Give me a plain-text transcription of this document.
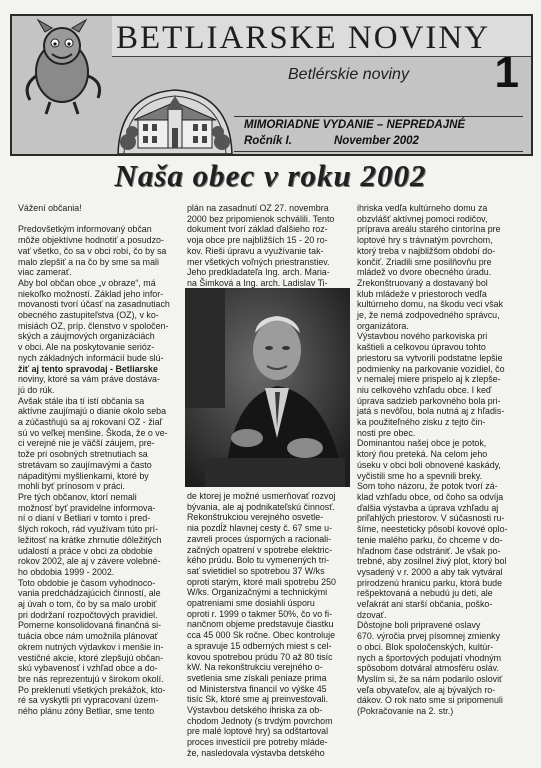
BETLIARSKE NOVINY
Betlérskie noviny 1
MIMORIADNE VYDANIE – NEPREDAJNÉ
Ročník I.	November 2002
Naša obec v roku 2002

Vážení občania!

Predovšetkým informovaný občan

môže objektívne hodnotiť a posudzo-

vať všetko, čo sa v obci robí, čo by sa

malo zlepšiť a na čo by sme sa mali

viac zamerať.

Aby bol občan obce „v obraze“, má

niekoľko možností. Základ jeho infor-

movanosti tvorí účasť na zasadnutiach

obecného zastupiteľstva (OZ), v ko-

misiách OZ, príp. členstvo v spoločen-

ských a záujmových organizáciách

v obci. Ale na poskytovanie serióz-

nych základných informácií bude slú-

žiť aj tento spravodaj - Betliarske

noviny, ktoré sa vám práve dostáva-

jú do rúk.

Avšak stále iba tí istí občania sa

aktívne zaujímajú o dianie okolo seba

a zúčastňujú sa aj rokovaní OZ - žiaľ

sú vo veľkej menšine. Škoda, že o ve-

ci verejné nie je väčší záujem, pre-

tože pri osobných stretnutiach sa

stretávam so zaujímavými a často

nápaditými myšlienkami, ktoré by

mohli byť prínosom v práci.

Pre tých občanov, ktorí nemali

možnosť byť pravidelne informova-

ní o dianí v Betliari v tomto i pred-

šlých rokoch, rád využívam túto prí-

ležitosť na krátke zhrnutie dôležitých

udalostí a práce v obci za obdobie

rokov 2002, ale aj v závere volebné-

ho obdobia 1999 - 2002.

Toto obdobie je časom vyhodnoco-

vania predchádzajúcich činností, ale

aj úvah o tom, čo by sa malo urobiť

pri dodržaní rozpočtových pravidiel.

Pomerne konsolidovaná finančná si-

tuácia obce nám umožnila plánovať

okrem nutných výdavkov i menšie in-

vestičné akcie, ktoré zlepšujú občan-

skú vybavenosť i vzhľad obce a do-

bre nás reprezentujú v širokom okolí.

Po preklenutí všetkých prekážok, kto-

ré sa vyskytli pri vypracovaní územ-

ného plánu zóny Betliar, sme tento

plán na zasadnutí OZ 27. novembra

2000 bez pripomienok schválili. Tento

dokument tvorí základ ďalšieho roz-

voja obce pre najbližších 15 - 20 ro-

kov. Rieši úpravu a využívanie tak-

mer všetkých voľných priestranstiev.

Jeho predkladateľa Ing. arch. Maria-

na Šimková a Ing. arch. Ladislav Ti-

de ktorej je možné usmerňovať rozvoj

bývania, ale aj podnikateľskú činnosť.

Rekonštrukciou verejného osvetle-

nia pozdĺž hlavnej cesty č. 67 sme u-

zavreli proces úsporných a racionali-

začných opatrení v spotrebe elektric-

kého prúdu. Bolo tu vymenených tri-

sať svietidiel so spotrebou 37 W/ks

oproti starým, ktoré mali spotrebu 250

W/ks. Organizačnými a technickými

opatreniami sme dosiahli úsporu

oproti r. 1999 o takmer 50%, čo vo fi-

nančnom objeme predstavuje čiastku

cca 45 000 Sk ročne. Obec kontroluje

a spravuje 15 odberných miest s cel-

kovou spotrebou prúdu 70 až 80 tisíc

kW. Na rekonštrukciu verejného o-

svetlenia sme získali peniaze prima

od Ministerstva financií vo výške 45

tisíc Sk, ktoré sme aj preinvestovali.

Výstavbou detského ihriska za ob-

chodom Jednoty (s trvdým povrchom

pre malé loptové hry) sa odštartoval

proces investícií pre potreby mláde-

že, nasledovala výstavba detského

ihriska vedľa kultúrneho domu za

obzvlášť aktívnej pomoci rodičov,

príprava areálu starého cintorína pre

loptové hry s trávnatým povrchom,

ktorý treba v najbližšom období do-

končiť. Zriadili sme posilňovňu pre

mládež vo dvore obecného úradu.

Zrekonštruovaný a dostavaný bol

klub mládeže v priestoroch vedľa

kultúrneho domu, na škodu veci však

je, že nemá zodpovedného správcu,

organizátora.

Výstavbou nového parkoviska pri

kaštieli a celkovou úpravou tohto

priestoru sa vytvorili podstatne lepšie

podmienky na parkovanie vozidiel, čo

v nemalej miere prispelo aj k zlepše-

niu celkového vzhľadu obce. I keď

úprava sadzieb parkovného bola pri-

jatá s nevôľou, bola nutná aj z hľadis-

ka použiteľného zisku z tejto čin-

nosti pre obec.

Dominantou našej obce je potok,

ktorý ňou preteká. Na celom jeho

úseku v obci boli obnovené kaskády,

vyčistili sme ho a spevnili breky.

Som toho názoru, že potok tvorí zá-

klad vzhľadu obce, od čoho sa odvíja

ďalšia výstavba a úprava vzhľadu aj

priľahlých priestorov. V súčasnosti ru-

šíme, neesteticky pôsobí kovové oplo-

tenie malého parku, čo chceme v do-

hľadnom čase odstrániť. Je však po-

trebné, aby zosilnel živý plot, ktorý bol

vysadený v r. 2000 a aby tak vytváral

prirodzenú hranicu parku, ktorá bude

rešpektovaná a nebudú ju deti, ale

veľakrát ani starší občania, poško-

dzovať.

Dôstojne boli pripravené oslavy

670. výročia prvej písomnej zmienky

o obci. Blok spoločenských, kultúr-

nych a športových podujatí vhodným

spôsobom dotváral atmosféru osláv.

Myslím si, že sa nám podarilo osloviť

veľa obyvateľov, ale aj bývalých ro-

dákov. O rok nato sme si pripomenuli

(Pokračovanie na 2. str.)
